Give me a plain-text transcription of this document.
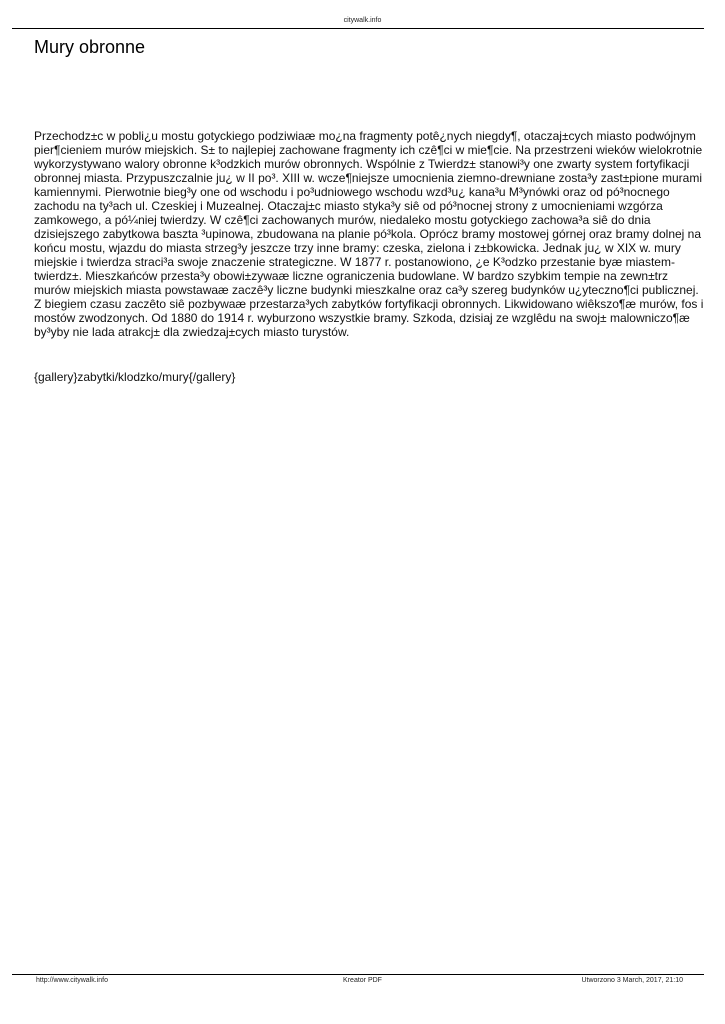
citywalk.info
Mury obronne

Przechodz±c w pobli¿u mostu gotyckiego podziwiaæ mo¿na fragmenty potê¿nych niegdy¶, otaczaj±cych miasto podwójnym pier¶cieniem murów miejskich. S± to najlepiej zachowane fragmenty ich czê¶ci w mie¶cie. Na przestrzeni wieków wielokrotnie wykorzystywano walory obronne k³odzkich murów obronnych. Wspólnie z Twierdz± stanowi³y one zwarty system fortyfikacji obronnej miasta. Przypuszczalnie ju¿ w II po³. XIII w. wcze¶niejsze umocnienia ziemno-drewniane zosta³y zast±pione murami kamiennymi. Pierwotnie bieg³y one od wschodu i po³udniowego wschodu wzd³u¿ kana³u M³ynówki oraz od pó³nocnego zachodu na ty³ach ul. Czeskiej i Muzealnej. Otaczaj±c miasto styka³y siê od pó³nocnej strony z umocnieniami wzgórza zamkowego, a pó¼niej twierdzy. W czê¶ci zachowanych murów, niedaleko mostu gotyckiego zachowa³a siê do dnia dzisiejszego zabytkowa baszta ³upinowa, zbudowana na planie pó³kola. Oprócz bramy mostowej górnej oraz bramy dolnej na końcu mostu, wjazdu do miasta strzeg³y jeszcze trzy inne bramy: czeska, zielona i z±bkowicka. Jednak ju¿ w XIX w. mury miejskie i twierdza straci³a swoje znaczenie strategiczne. W 1877 r. postanowiono, ¿e K³odzko przestanie byæ miastem-twierdz±. Mieszkańców przesta³y obowi±zywaæ liczne ograniczenia budowlane. W bardzo szybkim tempie na zewn±trz murów miejskich miasta powstawaæ zaczê³y liczne budynki mieszkalne oraz ca³y szereg budynków u¿yteczno¶ci publicznej. Z biegiem czasu zaczêto siê pozbywaæ przestarza³ych zabytków fortyfikacji obronnych. Likwidowano wiêkszo¶æ murów, fos i mostów zwodzonych. Od 1880 do 1914 r. wyburzono wszystkie bramy. Szkoda, dzisiaj ze wzglêdu na swoj± malowniczo¶æ by³yby nie lada atrakcj± dla zwiedzaj±cych miasto turystów.

{gallery}zabytki/klodzko/mury{/gallery}

http://www.citywalk.info	Kreator PDF	Utworzono 3 March, 2017, 21:10
